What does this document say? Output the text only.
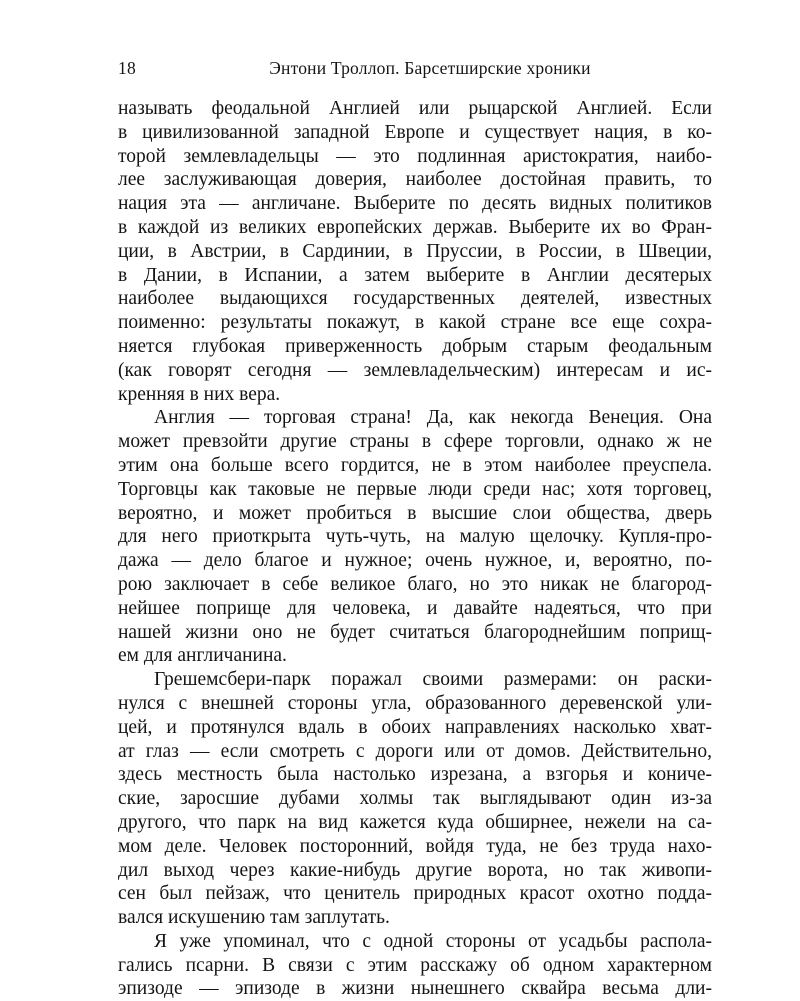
18	Энтони Троллоп. Барсетширские хроники
называть феодальной Англией или рыцарской Англией. Если
в цивилизованной западной Европе и существует нация, в ко-
торой землевладельцы — это подлинная аристократия, наибо-
лее заслуживающая доверия, наиболее достойная править, то
нация эта — англичане. Выберите по десять видных политиков
в каждой из великих европейских держав. Выберите их во Фран-
ции, в Австрии, в Сардинии, в Пруссии, в России, в Швеции,
в Дании, в Испании, а затем выберите в Англии десятерых
наиболее выдающихся государственных деятелей, известных
поименно: результаты покажут, в какой стране все еще сохра-
няется глубокая приверженность добрым старым феодальным
(как говорят сегодня — землевладельческим) интересам и ис-
кренняя в них вера.
Англия — торговая страна! Да, как некогда Венеция. Она
может превзойти другие страны в сфере торговли, однако ж не
этим она больше всего гордится, не в этом наиболее преуспела.
Торговцы как таковые не первые люди среди нас; хотя торговец,
вероятно, и может пробиться в высшие слои общества, дверь
для него приоткрыта чуть-чуть, на малую щелочку. Купля-про-
дажа — дело благое и нужное; очень нужное, и, вероятно, по-
рою заключает в себе великое благо, но это никак не благород-
нейшее поприще для человека, и давайте надеяться, что при
нашей жизни оно не будет считаться благороднейшим поприщ-
ем для англичанина.
Грешемсбери-парк поражал своими размерами: он раски-
нулся с внешней стороны угла, образованного деревенской ули-
цей, и протянулся вдаль в обоих направлениях насколько хват-
ат глаз — если смотреть с дороги или от домов. Действительно,
здесь местность была настолько изрезана, а взгорья и кониче-
ские, заросшие дубами холмы так выглядывают один из-за
другого, что парк на вид кажется куда обширнее, нежели на са-
мом деле. Человек посторонний, войдя туда, не без труда нахо-
дил выход через какие-нибудь другие ворота, но так живопи-
сен был пейзаж, что ценитель природных красот охотно подда-
вался искушению там заплутать.
Я уже упоминал, что с одной стороны от усадьбы распола-
гались псарни. В связи с этим расскажу об одном характерном
эпизоде — эпизоде в жизни нынешнего сквайра весьма дли-
